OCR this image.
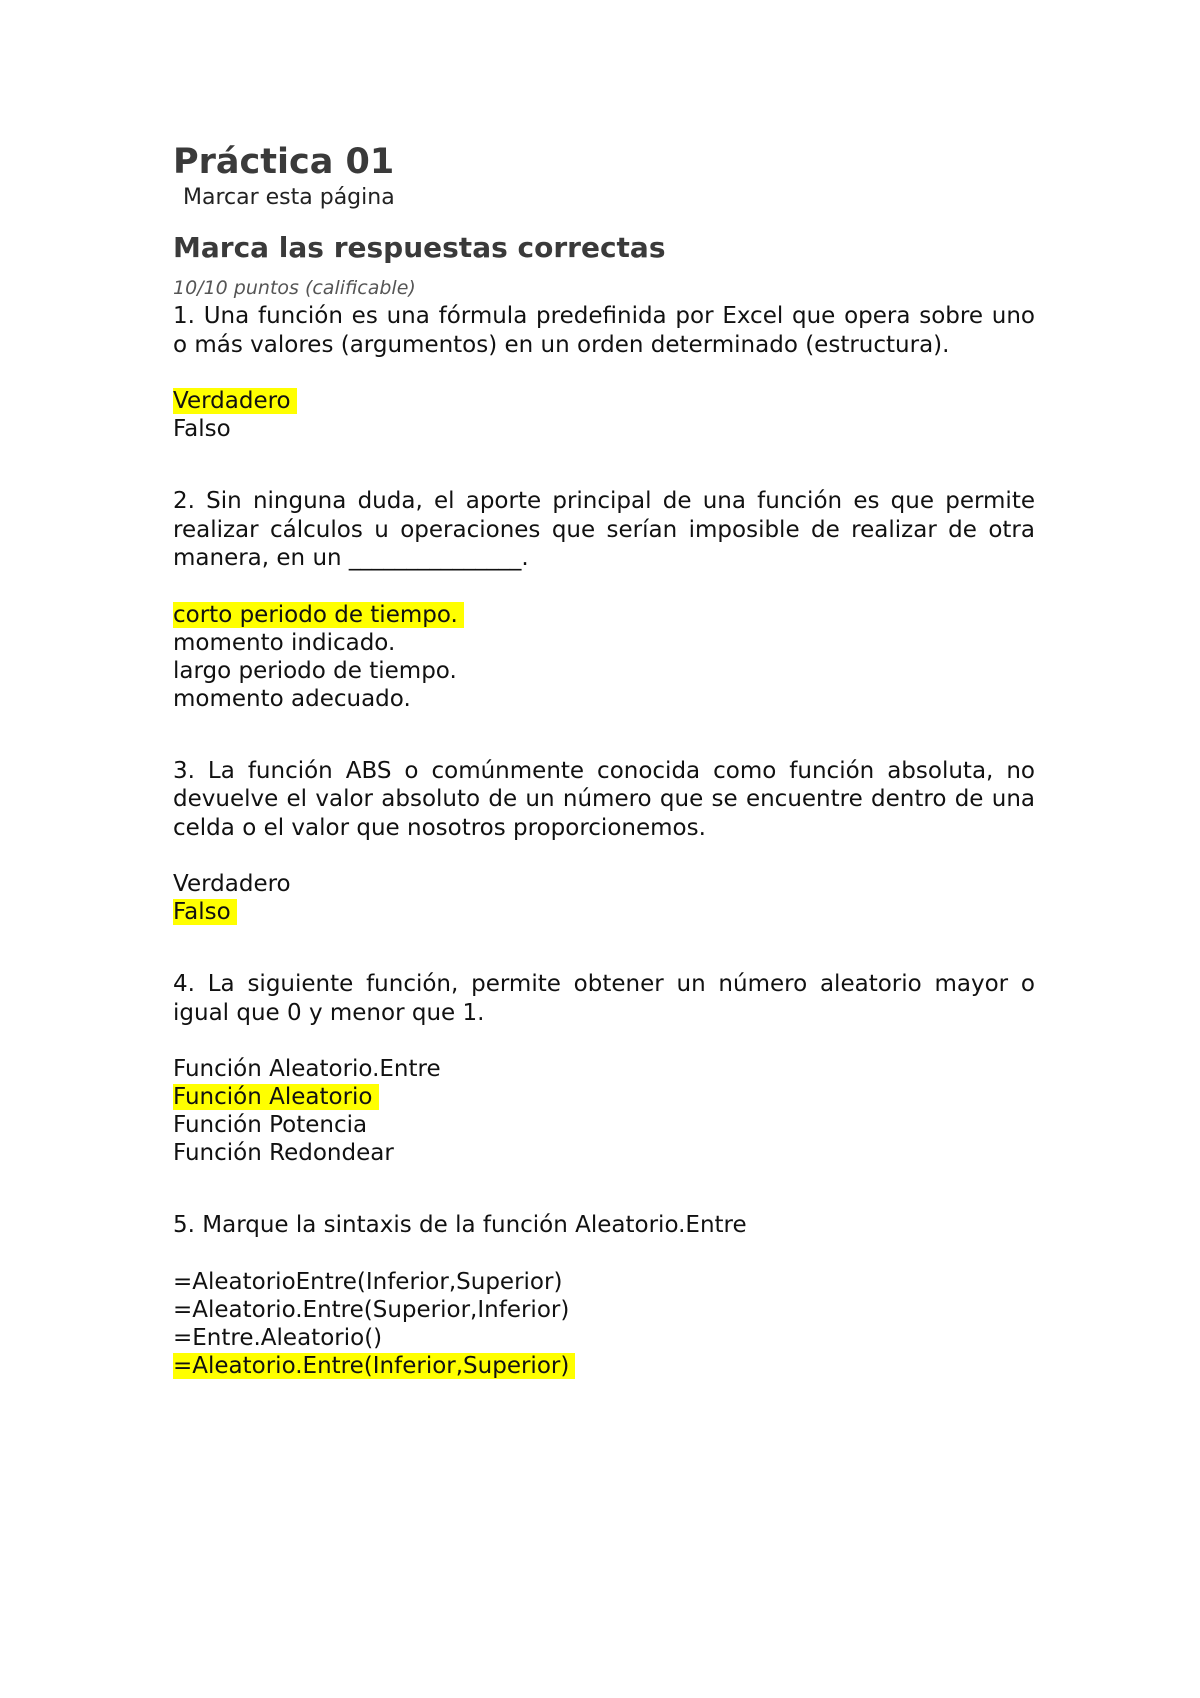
Práctica 01

Marcar esta página

Marca las respuestas correctas

10/10 puntos (calificable)

1. Una función es una fórmula predefinida por Excel que opera sobre uno o más valores (argumentos) en un orden determinado (estructura).

Verdadero
Falso

2. Sin ninguna duda, el aporte principal de una función es que permite realizar cálculos u operaciones que serían imposible de realizar de otra manera, en un _______________.

corto periodo de tiempo.
momento indicado.
largo periodo de tiempo.
momento adecuado.

3. La función ABS o comúnmente conocida como función absoluta, no devuelve el valor absoluto de un número que se encuentre dentro de una celda o el valor que nosotros proporcionemos.

Verdadero
Falso

4. La siguiente función, permite obtener un número aleatorio mayor o igual que 0 y menor que 1.

Función Aleatorio.Entre
Función Aleatorio
Función Potencia
Función Redondear

5. Marque la sintaxis de la función Aleatorio.Entre

=AleatorioEntre(Inferior,Superior)
=Aleatorio.Entre(Superior,Inferior)
=Entre.Aleatorio()
=Aleatorio.Entre(Inferior,Superior)
